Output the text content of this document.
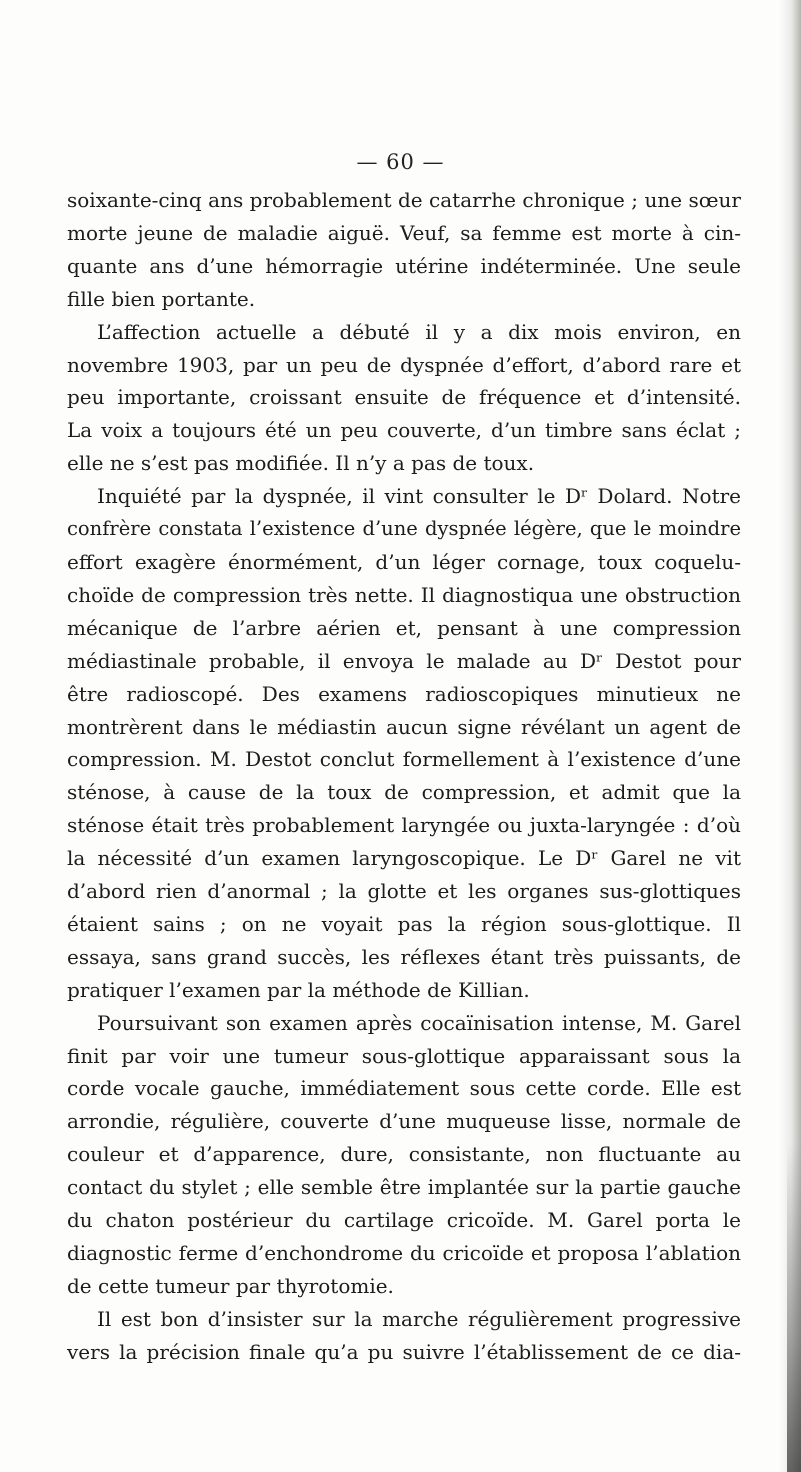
— 60 —

soixante-cinq ans probablement de catarrhe chronique ; une sœur

morte jeune de maladie aiguë. Veuf, sa femme est morte à cin-

quante ans d’une hémorragie utérine indéterminée. Une seule

fille bien portante.

L’affection actuelle a débuté il y a dix mois environ, en

novembre 1903, par un peu de dyspnée d’effort, d’abord rare et

peu importante, croissant ensuite de fréquence et d’intensité.

La voix a toujours été un peu couverte, d’un timbre sans éclat ;

elle ne s’est pas modifiée. Il n’y a pas de toux.

Inquiété par la dyspnée, il vint consulter le Dʳ Dolard. Notre

confrère constata l’existence d’une dyspnée légère, que le moindre

effort exagère énormément, d’un léger cornage, toux coquelu-

choïde de compression très nette. Il diagnostiqua une obstruction

mécanique de l’arbre aérien et, pensant à une compression

médiastinale probable, il envoya le malade au Dʳ Destot pour

être radioscopé. Des examens radioscopiques minutieux ne

montrèrent dans le médiastin aucun signe révélant un agent de

compression. M. Destot conclut formellement à l’existence d’une

sténose, à cause de la toux de compression, et admit que la

sténose était très probablement laryngée ou juxta-laryngée : d’où

la nécessité d’un examen laryngoscopique. Le Dʳ Garel ne vit

d’abord rien d’anormal ; la glotte et les organes sus-glottiques

étaient sains ; on ne voyait pas la région sous-glottique. Il

essaya, sans grand succès, les réflexes étant très puissants, de

pratiquer l’examen par la méthode de Killian.

Poursuivant son examen après cocaïnisation intense, M. Garel

finit par voir une tumeur sous-glottique apparaissant sous la

corde vocale gauche, immédiatement sous cette corde. Elle est

arrondie, régulière, couverte d’une muqueuse lisse, normale de

couleur et d’apparence, dure, consistante, non fluctuante au

contact du stylet ; elle semble être implantée sur la partie gauche

du chaton postérieur du cartilage cricoïde. M. Garel porta le

diagnostic ferme d’enchondrome du cricoïde et proposa l’ablation

de cette tumeur par thyrotomie.

Il est bon d’insister sur la marche régulièrement progressive

vers la précision finale qu’a pu suivre l’établissement de ce dia-
